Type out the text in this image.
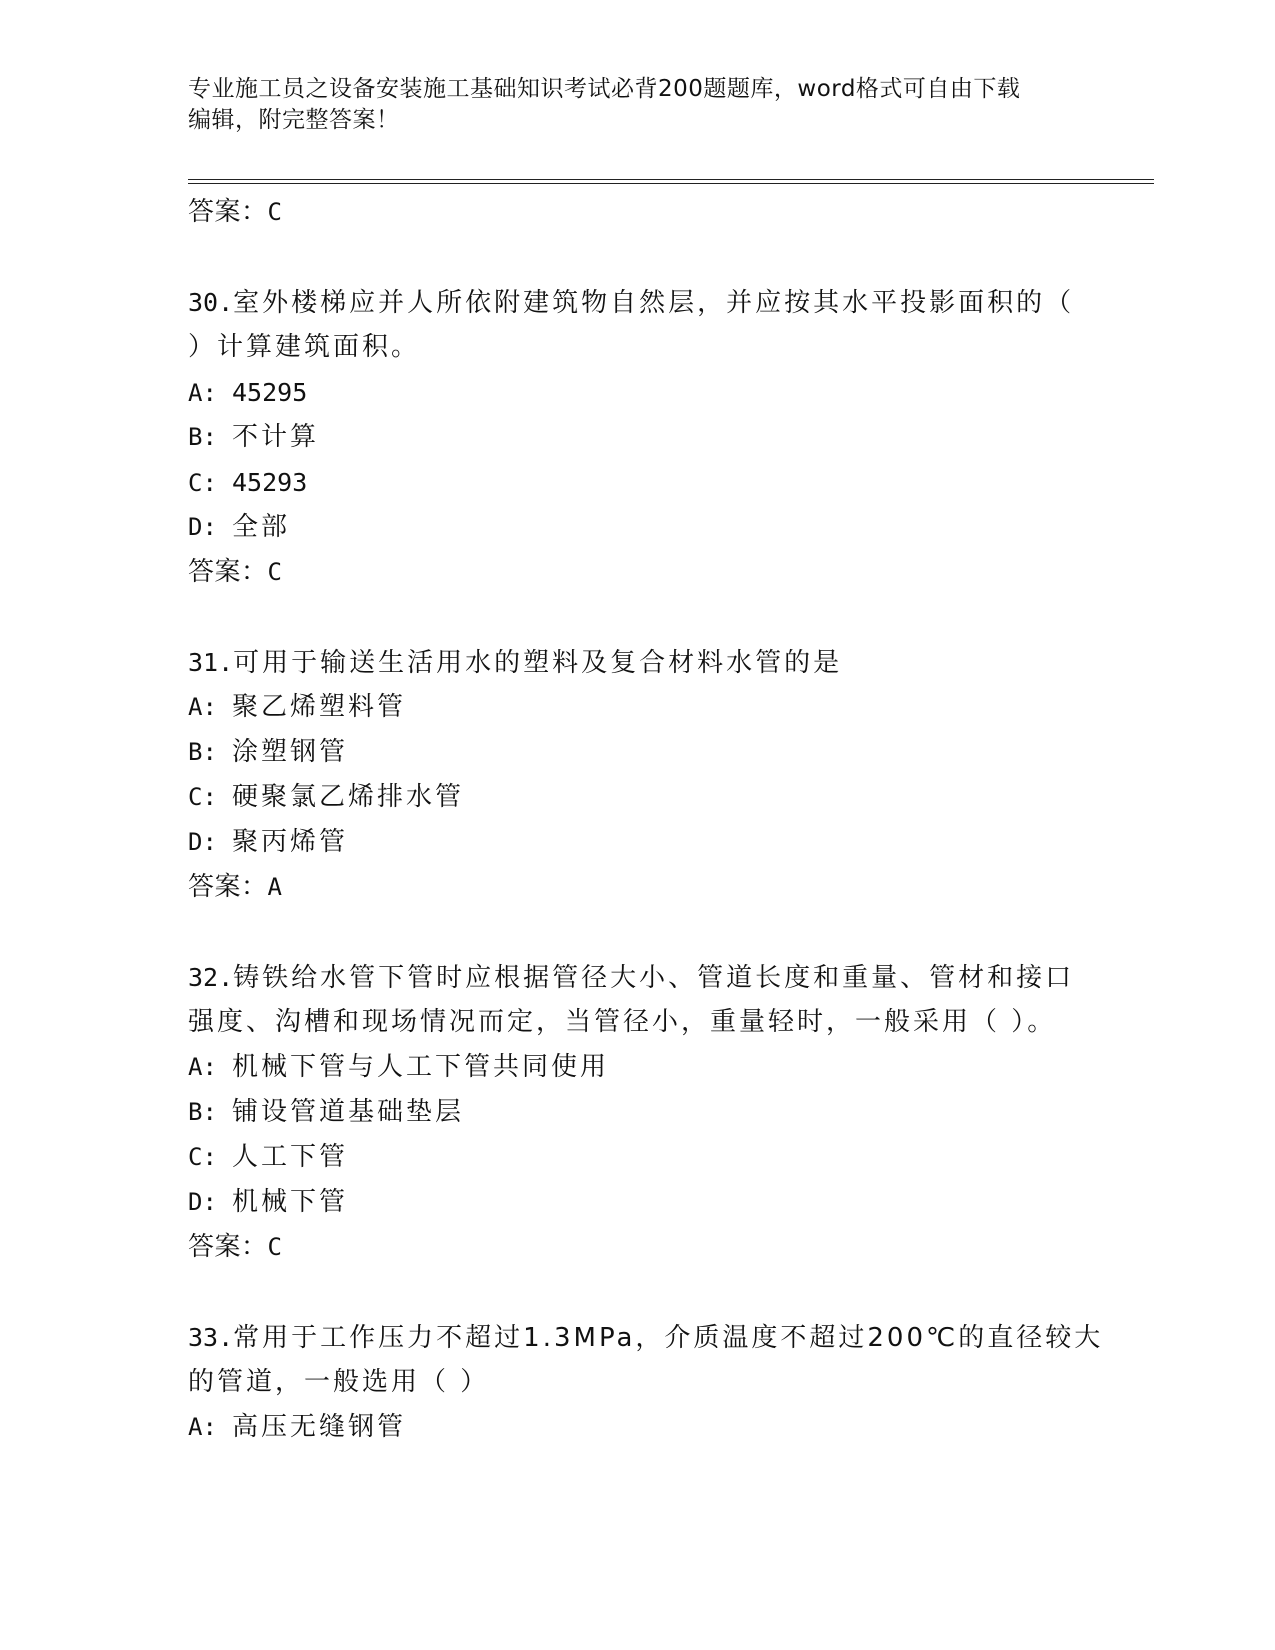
专业施工员之设备安装施工基础知识考试必背200题题库，word格式可自由下载
编辑，附完整答案！
答案：C
30.室外楼梯应并人所依附建筑物自然层，并应按其水平投影面积的（
）计算建筑面积。
A: 45295
B: 不计算
C: 45293
D: 全部
答案：C
31.可用于输送生活用水的塑料及复合材料水管的是
A: 聚乙烯塑料管
B: 涂塑钢管
C: 硬聚氯乙烯排水管
D: 聚丙烯管
答案：A
32.铸铁给水管下管时应根据管径大小、管道长度和重量、管材和接口
强度、沟槽和现场情况而定，当管径小，重量轻时，一般采用（ ）。
A: 机械下管与人工下管共同使用
B: 铺设管道基础垫层
C: 人工下管
D: 机械下管
答案：C
33.常用于工作压力不超过1.3MPa，介质温度不超过200℃的直径较大
的管道，一般选用（ ）
A: 高压无缝钢管
